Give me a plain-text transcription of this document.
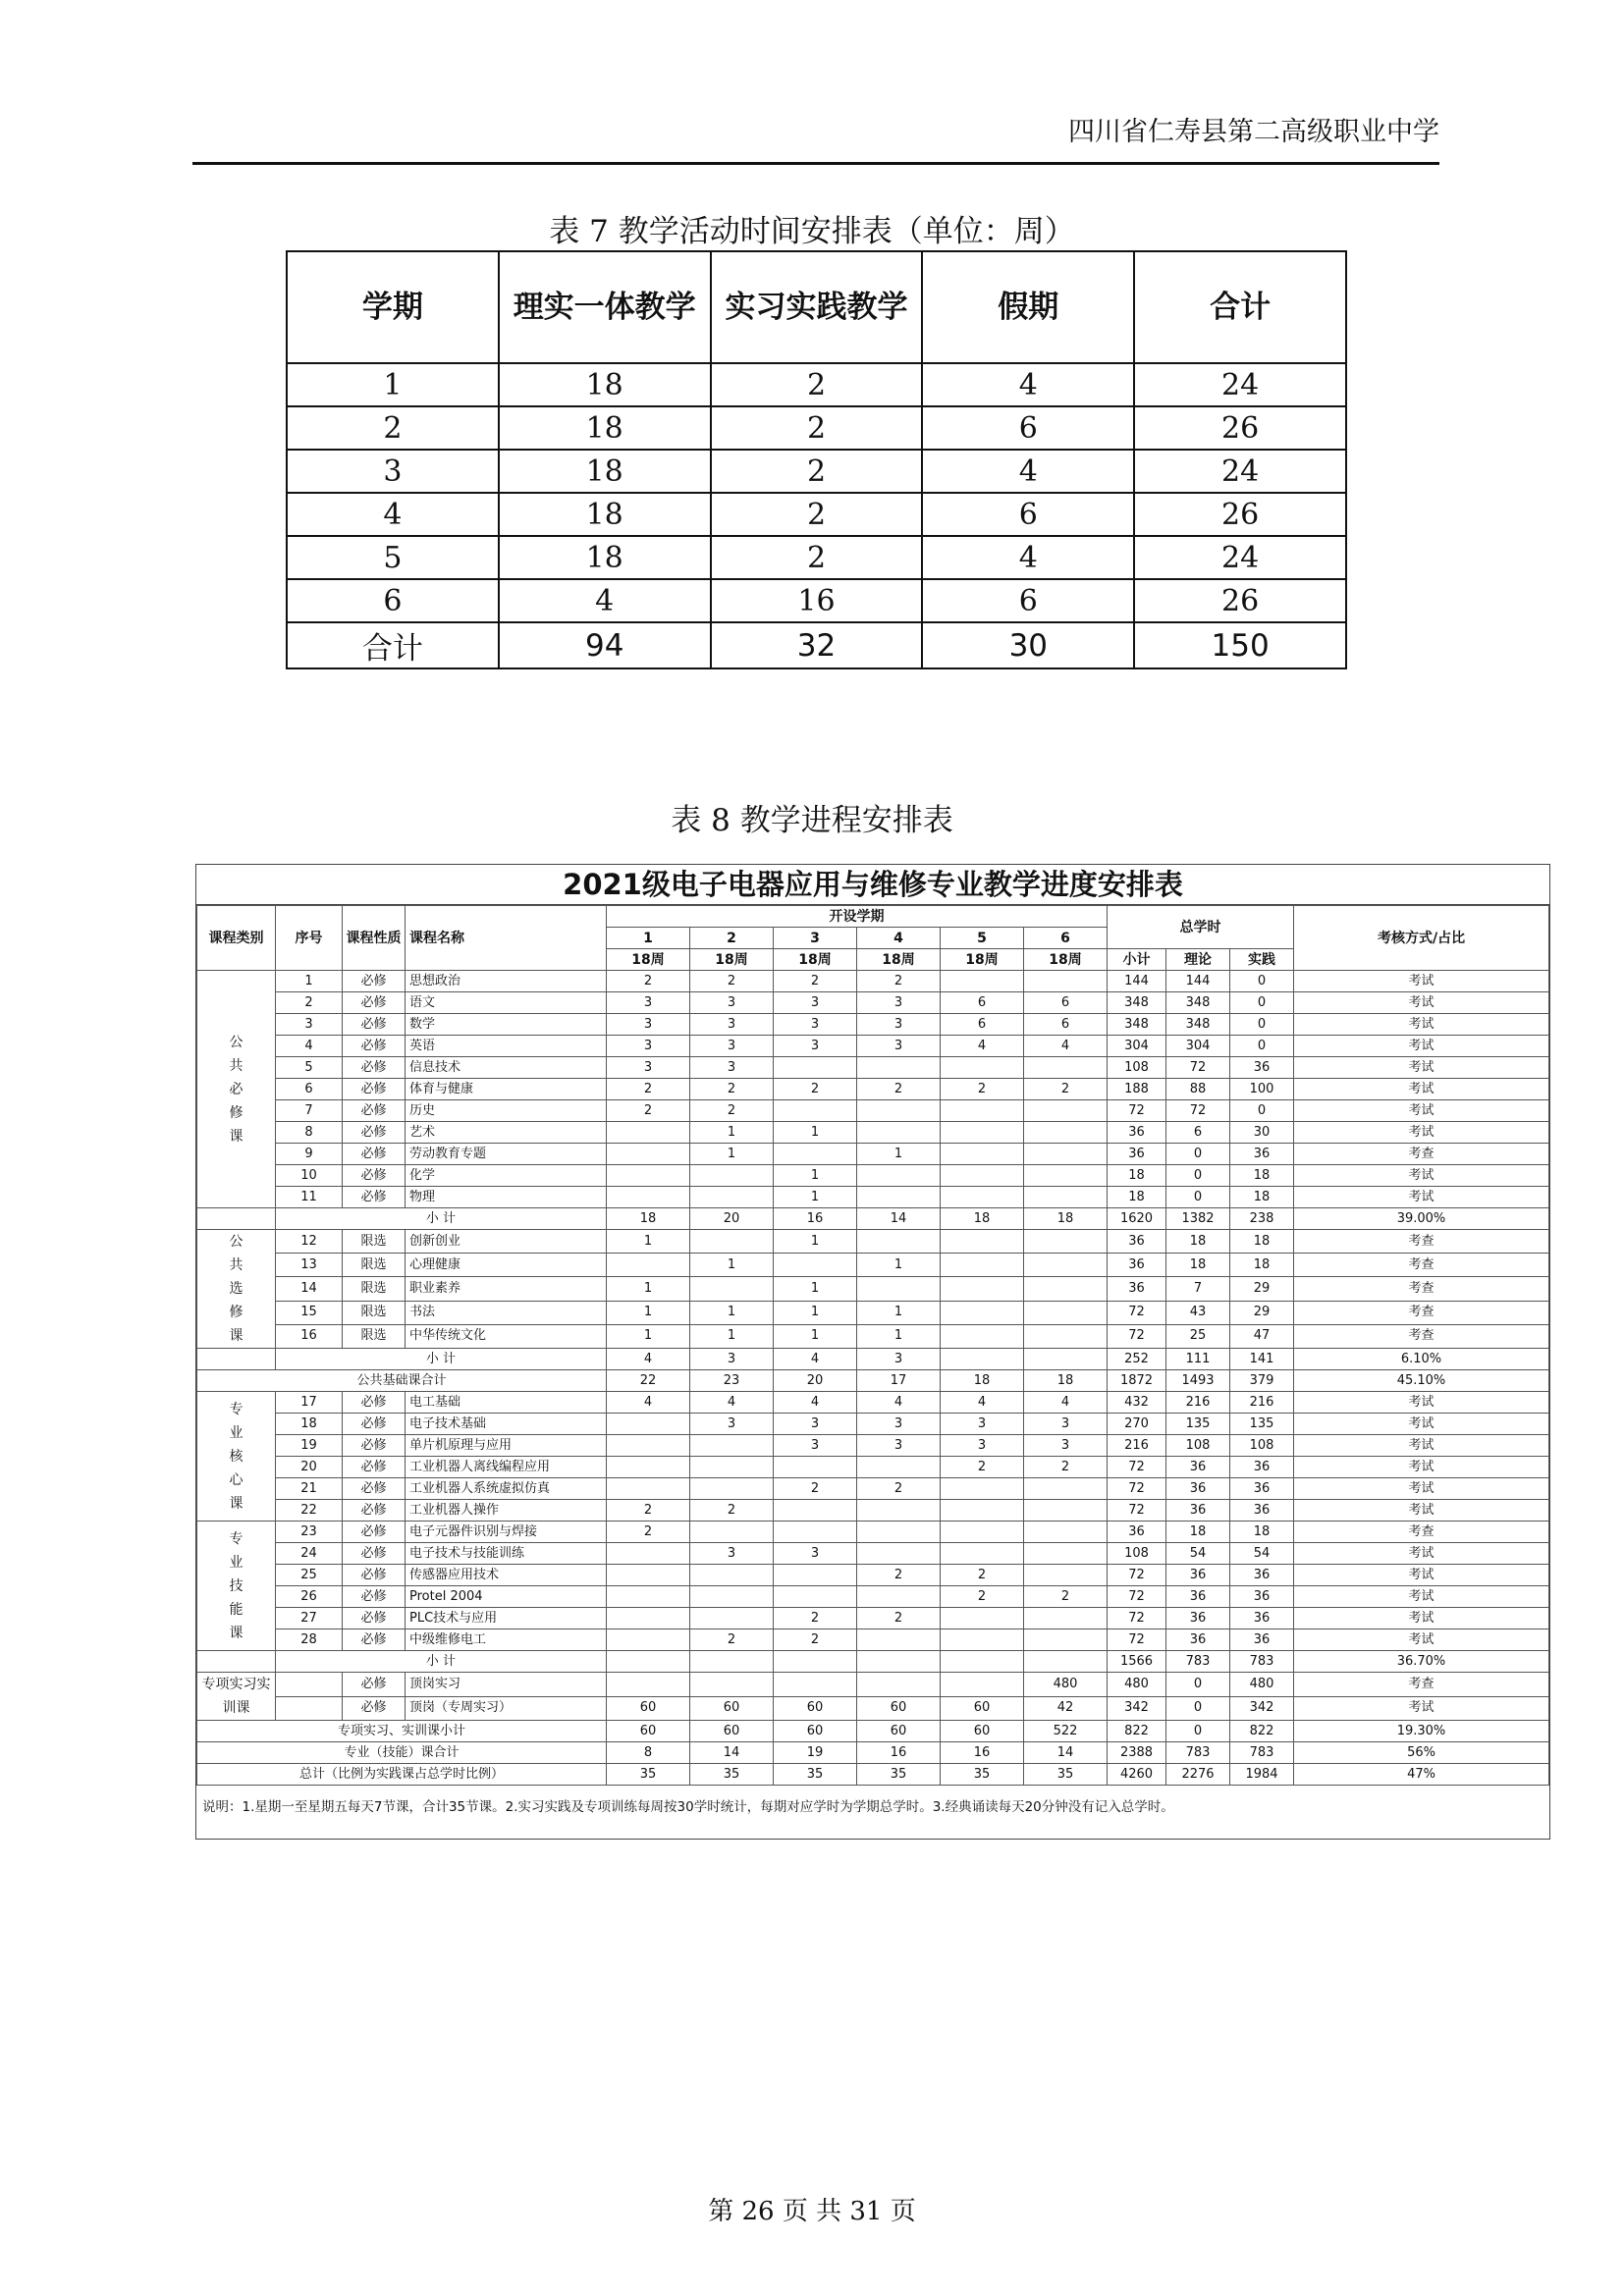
四川省仁寿县第二高级职业中学
表 7 教学活动时间安排表（单位：周）
学期	理实一体教学	实习实践教学	假期	合计
1	18	2	4	24
2	18	2	6	26
3	18	2	4	24
4	18	2	6	26
5	18	2	4	24
6	4	16	6	26
合计	94	32	30	150
表 8 教学进程安排表
2021级电子电器应用与维修专业教学进度安排表
课程类别	序号	课程性质	课程名称	开设学期						总学时			考核方式/占比
				1	2	3	4	5	6				
				18周	18周	18周	18周	18周	18周	小计	理论	实践	

公
共
必
修
课	1	必修	思想政治	2	2	2	2			144	144	0	考试
	2	必修	语文	3	3	3	3	6	6	348	348	0	考试
	3	必修	数学	3	3	3	3	6	6	348	348	0	考试
	4	必修	英语	3	3	3	3	4	4	304	304	0	考试
	5	必修	信息技术	3	3					108	72	36	考试
	6	必修	体育与健康	2	2	2	2	2	2	188	88	100	考试
	7	必修	历史	2	2					72	72	0	考试
	8	必修	艺术		1	1				36	6	30	考试
	9	必修	劳动教育专题		1		1			36	0	36	考查
	10	必修	化学			1				18	0	18	考试
	11	必修	物理			1				18	0	18	考试
	小 计			18	20	16	14	18	18	1620	1382	238	39.00%

公
共
选
修
课	12	限选	创新创业	1		1				36	18	18	考查
	13	限选	心理健康		1		1			36	18	18	考查
	14	限选	职业素养	1		1				36	7	29	考查
	15	限选	书法	1	1	1	1			72	43	29	考查
	16	限选	中华传统文化	1	1	1	1			72	25	47	考查
	小 计			4	3	4	3			252	111	141	6.10%
公共基础课合计				22	23	20	17	18	18	1872	1493	379	45.10%

专
业
核
心
课	17	必修	电工基础	4	4	4	4	4	4	432	216	216	考试
	18	必修	电子技术基础		3	3	3	3	3	270	135	135	考试
	19	必修	单片机原理与应用			3	3	3	3	216	108	108	考试
	20	必修	工业机器人离线编程应用					2	2	72	36	36	考试
	21	必修	工业机器人系统虚拟仿真			2	2			72	36	36	考试
	22	必修	工业机器人操作	2	2					72	36	36	考试

专
业
技
能
课	23	必修	电子元器件识别与焊接	2						36	18	18	考查
	24	必修	电子技术与技能训练		3	3				108	54	54	考试
	25	必修	传感器应用技术				2	2		72	36	36	考试
	26	必修	Protel 2004					2	2	72	36	36	考试
	27	必修	PLC技术与应用			2	2			72	36	36	考试
	28	必修	中级维修电工		2	2				72	36	36	考试
	小 计									1566	783	783	36.70%
专项实习实训课		必修	顶岗实习						480	480	0	480	考查
		必修	顶岗（专周实习）	60	60	60	60	60	42	342	0	342	考试
专项实习、实训课小计				60	60	60	60	60	522	822	0	822	19.30%
专业（技能）课合计				8	14	19	16	16	14	2388	783	783	56%
总计（比例为实践课占总学时比例）				35	35	35	35	35	35	4260	2276	1984	47%
说明：1.星期一至星期五每天7节课，合计35节课。2.实习实践及专项训练每周按30学时统计，每期对应学时为学期总学时。3.经典诵读每天20分钟没有记入总学时。
第 26 页 共 31 页
